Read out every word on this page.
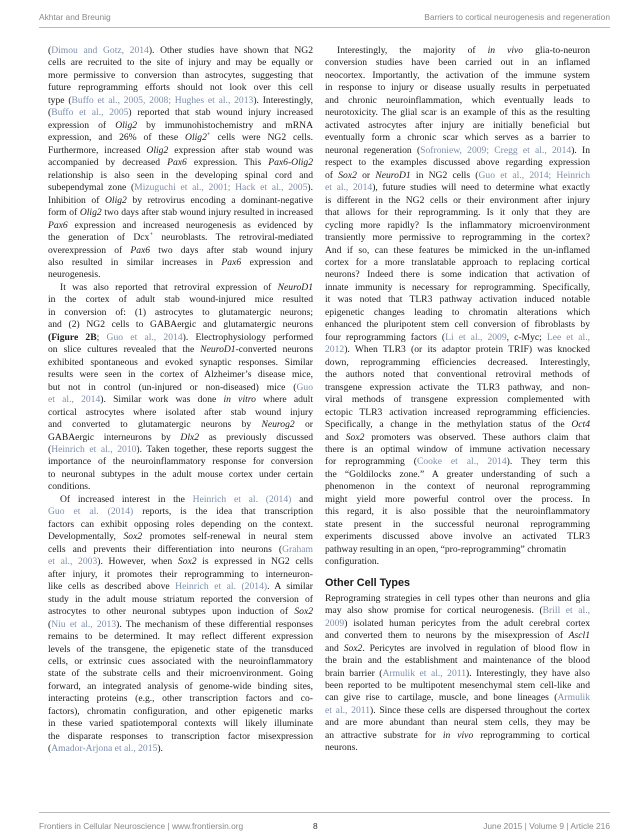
Akhtar and Breunig	Barriers to cortical neurogenesis and regeneration
(Dimou and Gotz, 2014). Other studies have shown that NG2
cells are recruited to the site of injury and may be equally or
more permissive to conversion than astrocytes, suggesting that
future reprogramming efforts should not look over this cell
type (Buffo et al., 2005, 2008; Hughes et al., 2013). Interestingly,
(Buffo et al., 2005) reported that stab wound injury increased
expression of Olig2 by immunohistochemistry and mRNA
expression, and 26% of these Olig2+ cells were NG2 cells.
Furthermore, increased Olig2 expression after stab wound was
accompanied by decreased Pax6 expression. This Pax6-Olig2
relationship is also seen in the developing spinal cord and
subependymal zone (Mizuguchi et al., 2001; Hack et al., 2005).
Inhibition of Olig2 by retrovirus encoding a dominant-negative
form of Olig2 two days after stab wound injury resulted in increased
Pax6 expression and increased neurogenesis as evidenced by
the generation of Dcx+ neuroblasts. The retroviral-mediated
overexpression of Pax6 two days after stab wound injury
also resulted in similar increases in Pax6 expression and
neurogenesis.
It was also reported that retroviral expression of NeuroD1
in the cortex of adult stab wound-injured mice resulted
in conversion of: (1) astrocytes to glutamatergic neurons;
and (2) NG2 cells to GABAergic and glutamatergic neurons
(Figure 2B; Guo et al., 2014). Electrophysiology performed
on slice cultures revealed that the NeuroD1-converted neurons
exhibited spontaneous and evoked synaptic responses. Similar
results were seen in the cortex of Alzheimer’s disease mice,
but not in control (un-injured or non-diseased) mice (Guo
et al., 2014). Similar work was done in vitro where adult
cortical astrocytes where isolated after stab wound injury
and converted to glutamatergic neurons by Neurog2 or
GABAergic interneurons by Dlx2 as previously discussed
(Heinrich et al., 2010). Taken together, these reports suggest the
importance of the neuroinflammatory response for conversion
to neuronal subtypes in the adult mouse cortex under certain
conditions.
Of increased interest in the Heinrich et al. (2014) and
Guo et al. (2014) reports, is the idea that transcription
factors can exhibit opposing roles depending on the context.
Developmentally, Sox2 promotes self-renewal in neural stem
cells and prevents their differentiation into neurons (Graham
et al., 2003). However, when Sox2 is expressed in NG2 cells
after injury, it promotes their reprogramming to interneuron-
like cells as described above Heinrich et al. (2014). A similar
study in the adult mouse striatum reported the conversion of
astrocytes to other neuronal subtypes upon induction of Sox2
(Niu et al., 2013). The mechanism of these differential responses
remains to be determined. It may reflect different expression
levels of the transgene, the epigenetic state of the transduced
cells, or extrinsic cues associated with the neuroinflammatory
state of the substrate cells and their microenvironment. Going
forward, an integrated analysis of genome-wide binding sites,
interacting proteins (e.g., other transcription factors and co-
factors), chromatin configuration, and other epigenetic marks
in these varied spatiotemporal contexts will likely illuminate
the disparate responses to transcription factor misexpression
(Amador-Arjona et al., 2015).
Interestingly, the majority of in vivo glia-to-neuron
conversion studies have been carried out in an inflamed
neocortex. Importantly, the activation of the immune system
in response to injury or disease usually results in perpetuated
and chronic neuroinflammation, which eventually leads to
neurotoxicity. The glial scar is an example of this as the resulting
activated astrocytes after injury are initially beneficial but
eventually form a chronic scar which serves as a barrier to
neuronal regeneration (Sofroniew, 2009; Cregg et al., 2014). In
respect to the examples discussed above regarding expression
of Sox2 or NeuroD1 in NG2 cells (Guo et al., 2014; Heinrich
et al., 2014), future studies will need to determine what exactly
is different in the NG2 cells or their environment after injury
that allows for their reprogramming. Is it only that they are
cycling more rapidly? Is the inflammatory microenvironment
transiently more permissive to reprogramming in the cortex?
And if so, can these features be mimicked in the un-inflamed
cortex for a more translatable approach to replacing cortical
neurons? Indeed there is some indication that activation of
innate immunity is necessary for reprogramming. Specifically,
it was noted that TLR3 pathway activation induced notable
epigenetic changes leading to chromatin alterations which
enhanced the pluripotent stem cell conversion of fibroblasts by
four reprogramming factors (Li et al., 2009, c-Myc; Lee et al.,
2012). When TLR3 (or its adaptor protein TRIF) was knocked
down, reprogramming efficiencies decreased. Interestingly,
the authors noted that conventional retroviral methods of
transgene expression activate the TLR3 pathway, and non-
viral methods of transgene expression complemented with
ectopic TLR3 activation increased reprogramming efficiencies.
Specifically, a change in the methylation status of the Oct4
and Sox2 promoters was observed. These authors claim that
there is an optimal window of immune activation necessary
for reprogramming (Cooke et al., 2014). They term this
the “Goldilocks zone.” A greater understanding of such a
phenomenon in the context of neuronal reprogramming
might yield more powerful control over the process. In
this regard, it is also possible that the neuroinflammatory
state present in the successful neuronal reprogramming
experiments discussed above involve an activated TLR3
pathway resulting in an open, “pro-reprogramming” chromatin
configuration.
Other Cell Types
Reprograming strategies in cell types other than neurons and glia
may also show promise for cortical neurogenesis. (Brill et al.,
2009) isolated human pericytes from the adult cerebral cortex
and converted them to neurons by the misexpression of Ascl1
and Sox2. Pericytes are involved in regulation of blood flow in
the brain and the establishment and maintenance of the blood
brain barrier (Armulik et al., 2011). Interestingly, they have also
been reported to be multipotent mesenchymal stem cell-like and
can give rise to cartilage, muscle, and bone lineages (Armulik
et al., 2011). Since these cells are dispersed throughout the cortex
and are more abundant than neural stem cells, they may be
an attractive substrate for in vivo reprogramming to cortical
neurons.
Frontiers in Cellular Neuroscience | www.frontiersin.org	8	June 2015 | Volume 9 | Article 216
